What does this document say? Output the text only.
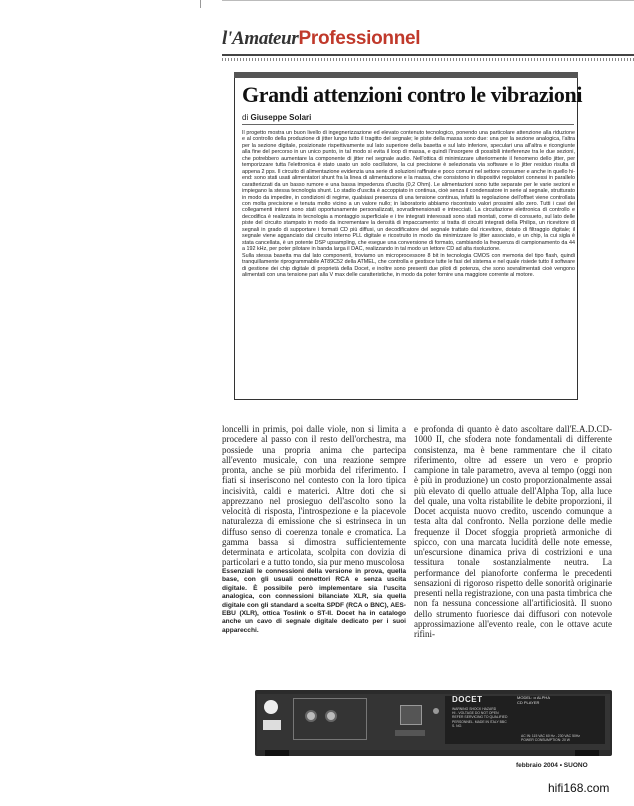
l'AmateurProfessionnel
Grandi attenzioni contro le vibrazioni
di Giuseppe Solari

Il progetto mostra un buon livello di ingegnerizzazione ed elevato contenuto tecnologico, ponendo una particolare attenzione alla riduzione e al controllo della produzione di jitter lungo tutto il tragitto del segnale; le piste della massa sono due: una per la sezione analogica, l'altra per la sezione digitale, posizionate rispettivamente sul lato superiore della basetta e sul lato inferiore, speculari una all'altra e ricongiunte alla fine del percorso in un unico punto, in tal modo si evita il loop di massa, e quindi l'insorgere di possibili interferenze tra le due sezioni, che potrebbero aumentare la componente di jitter nel segnale audio. Nell'ottica di minimizzare ulteriormente il fenomeno dello jitter, per temporizzare tutta l'elettronica è stato usato un solo oscillatore, la cui precisione è selezionata via software e lo jitter residuo risulta di appena 2 pps. Il circuito di alimentazione evidenzia una serie di soluzioni raffinate e poco comuni nel settore consumer e anche in quello hi-end: sono stati usati alimentatori shunt fra la linea di alimentazione e la massa, che consistono in dispositivi regolatori connessi in parallelo caratterizzati da un basso rumore e una bassa impedenza d'uscita (0,2 Ohm). Le alimentazioni sono tutte separate per le varie sezioni e impiegano la stessa tecnologia shunt. Lo stadio d'uscita è accoppiato in continua, cioè senza il condensatore in serie al segnale, strutturato in modo da impedire, in condizioni di regime, qualsiasi presenza di una tensione continua, infatti la regolazione dell'offset viene controllata con molta precisione e tenuta molto vicino a un valore nullo; in laboratorio abbiamo riscontrato valori prossimi allo zero. Tutti i cavi dei collegamenti interni sono stati opportunamente personalizzati, sovradimensionati e intrecciati. La circuitazione elettronica di controllo e decodifica è realizzata in tecnologia a montaggio superficiale e i tre integrati interessati sono stati montati, come di consueto, sul lato delle piste del circuito stampato in modo da incrementare la densità di impaccamento: si tratta di circuiti integrati della Philips, un ricevitore di segnali in grado di supportare i formati CD più diffusi, un decodificatore del segnale trattato dal ricevitore, dotato di filtraggio digitale; il segnale viene agganciato dal circuito interno PLL digitale e ricostruito in modo da minimizzare lo jitter associato, e un chip, la cui sigla è stata cancellata, è un potente DSP upsampling, che esegue una conversione di formato, cambiando la frequenza di campionamento da 44 a 192 kHz, per poter pilotare in banda larga il DAC, realizzando in tal modo un lettore CD ad alta risoluzione.

Sulla stessa basetta ma dal lato componenti, troviamo un microprocessore 8 bit in tecnologia CMOS con memoria del tipo flash, quindi tranquillamente riprogrammabile AT89C52 della ATMEL, che controlla e gestisce tutte le fasi del sistema e nel quale risiede tutto il software di gestione dei chip digitale di proprietà della Docet, e inoltre sono presenti due piloti di potenza, che sono sovralimentati cioè vengono alimentati con una tensione pari alla V max delle caratteristiche, in modo da poter fornire una maggiore corrente al motore.

loncelli in primis, poi dalle viole, non si limita a procedere al passo con il resto dell'orchestra, ma possiede una propria anima che partecipa all'evento musicale, con una reazione sempre pronta, anche se più morbida del riferimento. I fiati si inseriscono nel contesto con la loro tipica incisività, caldi e materici. Altre doti che si apprezzano nel prosieguo dell'ascolto sono la velocità di risposta, l'introspezione e la piacevole naturalezza di emissione che si estrinseca in un diffuso senso di coerenza tonale e cromatica. La gamma bassa si dimostra sufficientemente determinata e articolata, scolpita con dovizia di particolari e a tutto tondo, sia pur meno muscolosa
Essenziali le connessioni della versione in prova, quella base, con gli usuali connettori RCA e senza uscita digitale. È possibile però implementare sia l'uscita analogica, con connessioni bilanciate XLR, sia quella digitale con gli standard a scelta SPDF (RCA o BNC), AES-EBU (XLR), ottica Toslink o ST-II. Docet ha in catalogo anche un cavo di segnale digitale dedicato per i suoi apparecchi.
e profonda di quanto è dato ascoltare dall'E.A.D.CD-1000 II, che sfodera note fondamentali di differente consistenza, ma è bene rammentare che il citato riferimento, oltre ad essere un vero e proprio campione in tale parametro, aveva al tempo (oggi non è più in produzione) un costo proporzionalmente assai più elevato di quello attuale dell'Alpha Top, alla luce del quale, una volta ristabilite le debite proporzioni, il Docet acquista nuovo credito, uscendo comunque a testa alta dal confronto. Nella porzione delle medie frequenze il Docet sfoggia proprietà armoniche di spicco, con una marcata lucidità delle note emesse, un'escursione dinamica priva di costrizioni e una tessitura tonale sostanzialmente neutra. La performance del pianoforte conferma le precedenti sensazioni di rigoroso rispetto delle sonorità originarie presenti nella registrazione, con una pasta timbrica che non fa nessuna concessione all'artificiosità. Il suono dello strumento fuoriesce dai diffusori con notevole approssimazione all'evento reale, con le ottave acute rifini-
DOCET	MODEL: α ALPHA
CD PLAYER
WARNING SHOCK HAZARD
HI - VOLTAGE DO NOT OPEN
REFER SERVICING TO QUALIFIED
PERSONNEL. MADE IN ITALY BBC
S. NO.
AC IN: 115 VAC 60 Hz - 230 VAC 50Hz
POWER CONSUMPTION: 20 W
febbraio 2004 • SUONO
hifi168.com
